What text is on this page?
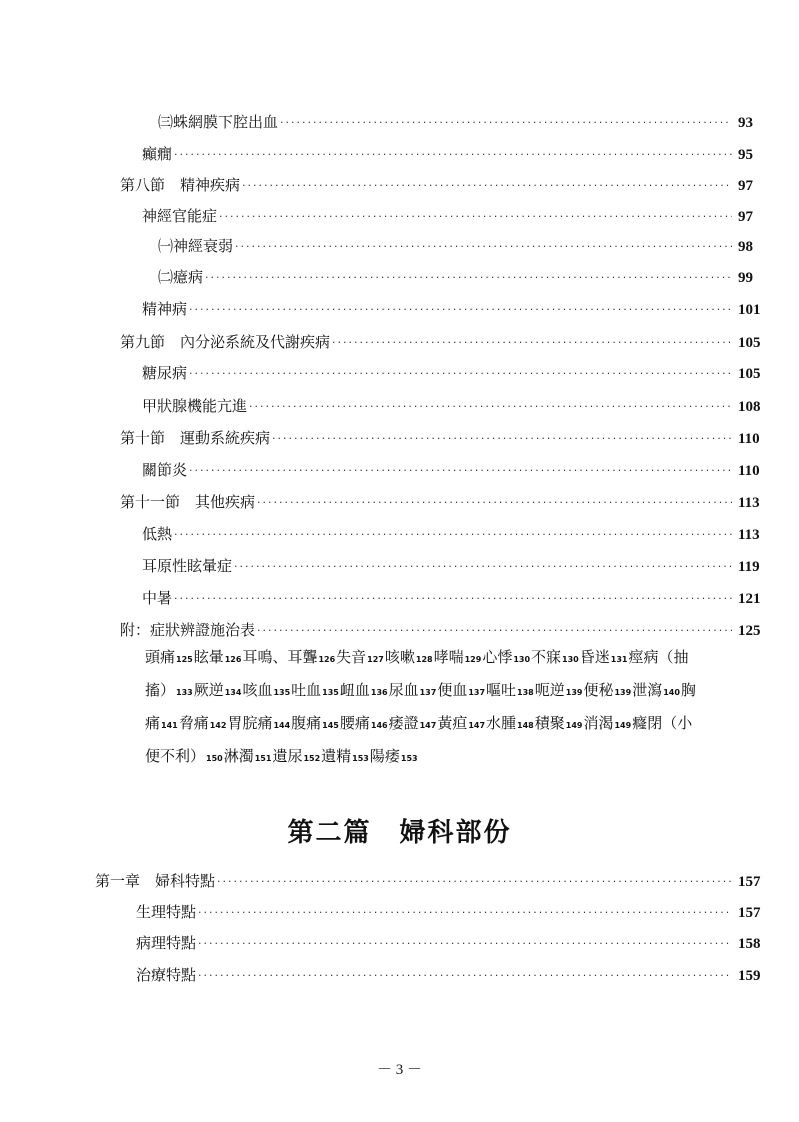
㈢蛛網膜下腔出血 ·····	93
癲癇 ·····	95
第八節　精神疾病 ·····	97
神經官能症 ·····	97
㈠神經衰弱 ·····	98
㈡癔病 ·····	99
精神病 ·····	101
第九節　內分泌系統及代謝疾病 ·····	105
糖尿病 ·····	105
甲狀腺機能亢進 ·····	108
第十節　運動系統疾病 ·····	110
關節炎 ·····	110
第十一節　其他疾病 ·····	113
低熱 ·····	113
耳原性眩暈症 ·····	119
中暑 ·····	121
附：症狀辨證施治表 ·····	125
頭痛125眩暈126耳鳴、耳聾126失音127咳嗽128哮喘129心悸130不寐130昏迷131痙病（抽搐）133厥逆134咳血135吐血135衄血136尿血137便血137嘔吐138呃逆139便秘139泄瀉140胸痛141脅痛142胃脘痛144腹痛145腰痛146痿證147黃疸147水腫148積聚149消渴149癃閉（小便不利）150淋濁151遺尿152遺精153陽痿153
第二篇　婦科部份
第一章　婦科特點 ·····	157
生理特點 ·····	157
病理特點 ·····	158
治療特點 ·····	159
－ 3 －
